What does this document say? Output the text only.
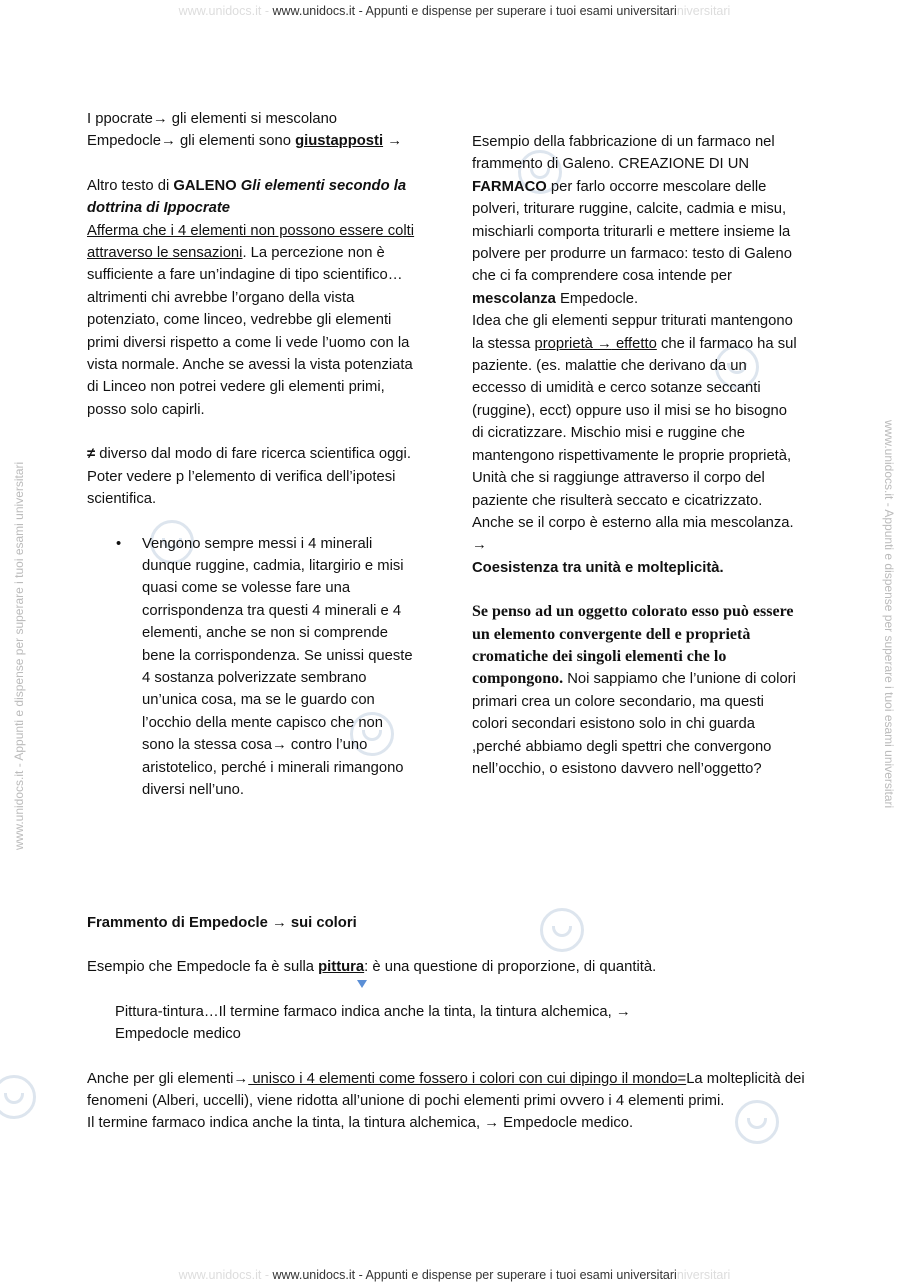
www.unidocs.it - www.unidocs.it - Appunti e dispense per superare i tuoi esami universitariniversitari
www.unidocs.it - www.unidocs.it - Appunti e dispense per superare i tuoi esami universitariniversitari
www.unidocs.it - Appunti e dispense per superare i tuoi esami universitari	www.unidocs.it - Appunti e dispense per superare i tuoi esami universitari

I ppocrate→ gli elementi si mescolano

Empedocle→ gli elementi sono giustapposti →

Altro testo di GALENO Gli elementi secondo la dottrina di Ippocrate
Afferma che i 4 elementi non possono essere colti attraverso le sensazioni. La percezione non è sufficiente a fare un’indagine di tipo scientifico… altrimenti chi avrebbe l’organo della vista potenziato, come linceo, vedrebbe gli elementi primi diversi rispetto a come li vede l’uomo con la vista normale. Anche se avessi la vista potenziata di Linceo non potrei vedere gli elementi primi, posso solo capirli.

≠ diverso dal modo di fare ricerca scientifica oggi. Poter vedere p l’elemento di verifica dell’ipotesi scientifica.

• Vengono sempre messi i 4 minerali dunque ruggine, cadmia, litargirio e misi quasi come se volesse fare una corrispondenza tra questi 4 minerali e 4 elementi, anche se non si comprende bene la corrispondenza. Se unissi queste 4 sostanza polverizzate sembrano un’unica cosa, ma se le guardo con l’occhio della mente capisco che non sono la stessa cosa→ contro l’uno aristotelico, perché i minerali rimangono diversi nell’uno.

Esempio della fabbricazione di un farmaco nel frammento di Galeno. CREAZIONE DI UN FARMACO per farlo occorre mescolare delle polveri, triturare ruggine, calcite, cadmia e misu, mischiarli comporta triturarli e mettere insieme la polvere per produrre un farmaco: testo di Galeno che ci fa comprendere cosa intende per mescolanza Empedocle.

Idea che gli elementi seppur triturati mantengono la stessa proprietà → effetto che il farmaco ha sul paziente. (es. malattie che derivano da un eccesso di umidità e cerco sotanze seccanti (ruggine), ecct) oppure uso il misi se ho bisogno di cicratizzare. Mischio misi e ruggine che mantengono rispettivamente le proprie proprietà, Unità che si raggiunge attraverso il corpo del paziente che risulterà seccato e cicatrizzato. Anche se il corpo è esterno alla mia mescolanza. →
Coesistenza tra unità e molteplicità.

Se penso ad un oggetto colorato esso può essere un elemento convergente dell e proprietà cromatiche dei singoli elementi che lo compongono. Noi sappiamo che l’unione di colori primari crea un colore secondario, ma questi colori secondari esistono solo in chi guarda ,perché abbiamo degli spettri che convergono nell’occhio, o esistono davvero nell’oggetto?

Frammento di Empedocle → sui colori

Esempio che Empedocle fa è sulla pittura: è una questione di proporzione, di quantità.

Pittura-tintura…Il termine farmaco indica anche la tinta, la tintura alchemica, →
Empedocle medico

Anche per gli elementi→ unisco i 4 elementi come fossero i colori con cui dipingo il mondo=La molteplicità dei fenomeni (Alberi, uccelli), viene ridotta all’unione di pochi elementi primi ovvero i 4 elementi primi.

Il termine farmaco indica anche la tinta, la tintura alchemica, → Empedocle medico.
